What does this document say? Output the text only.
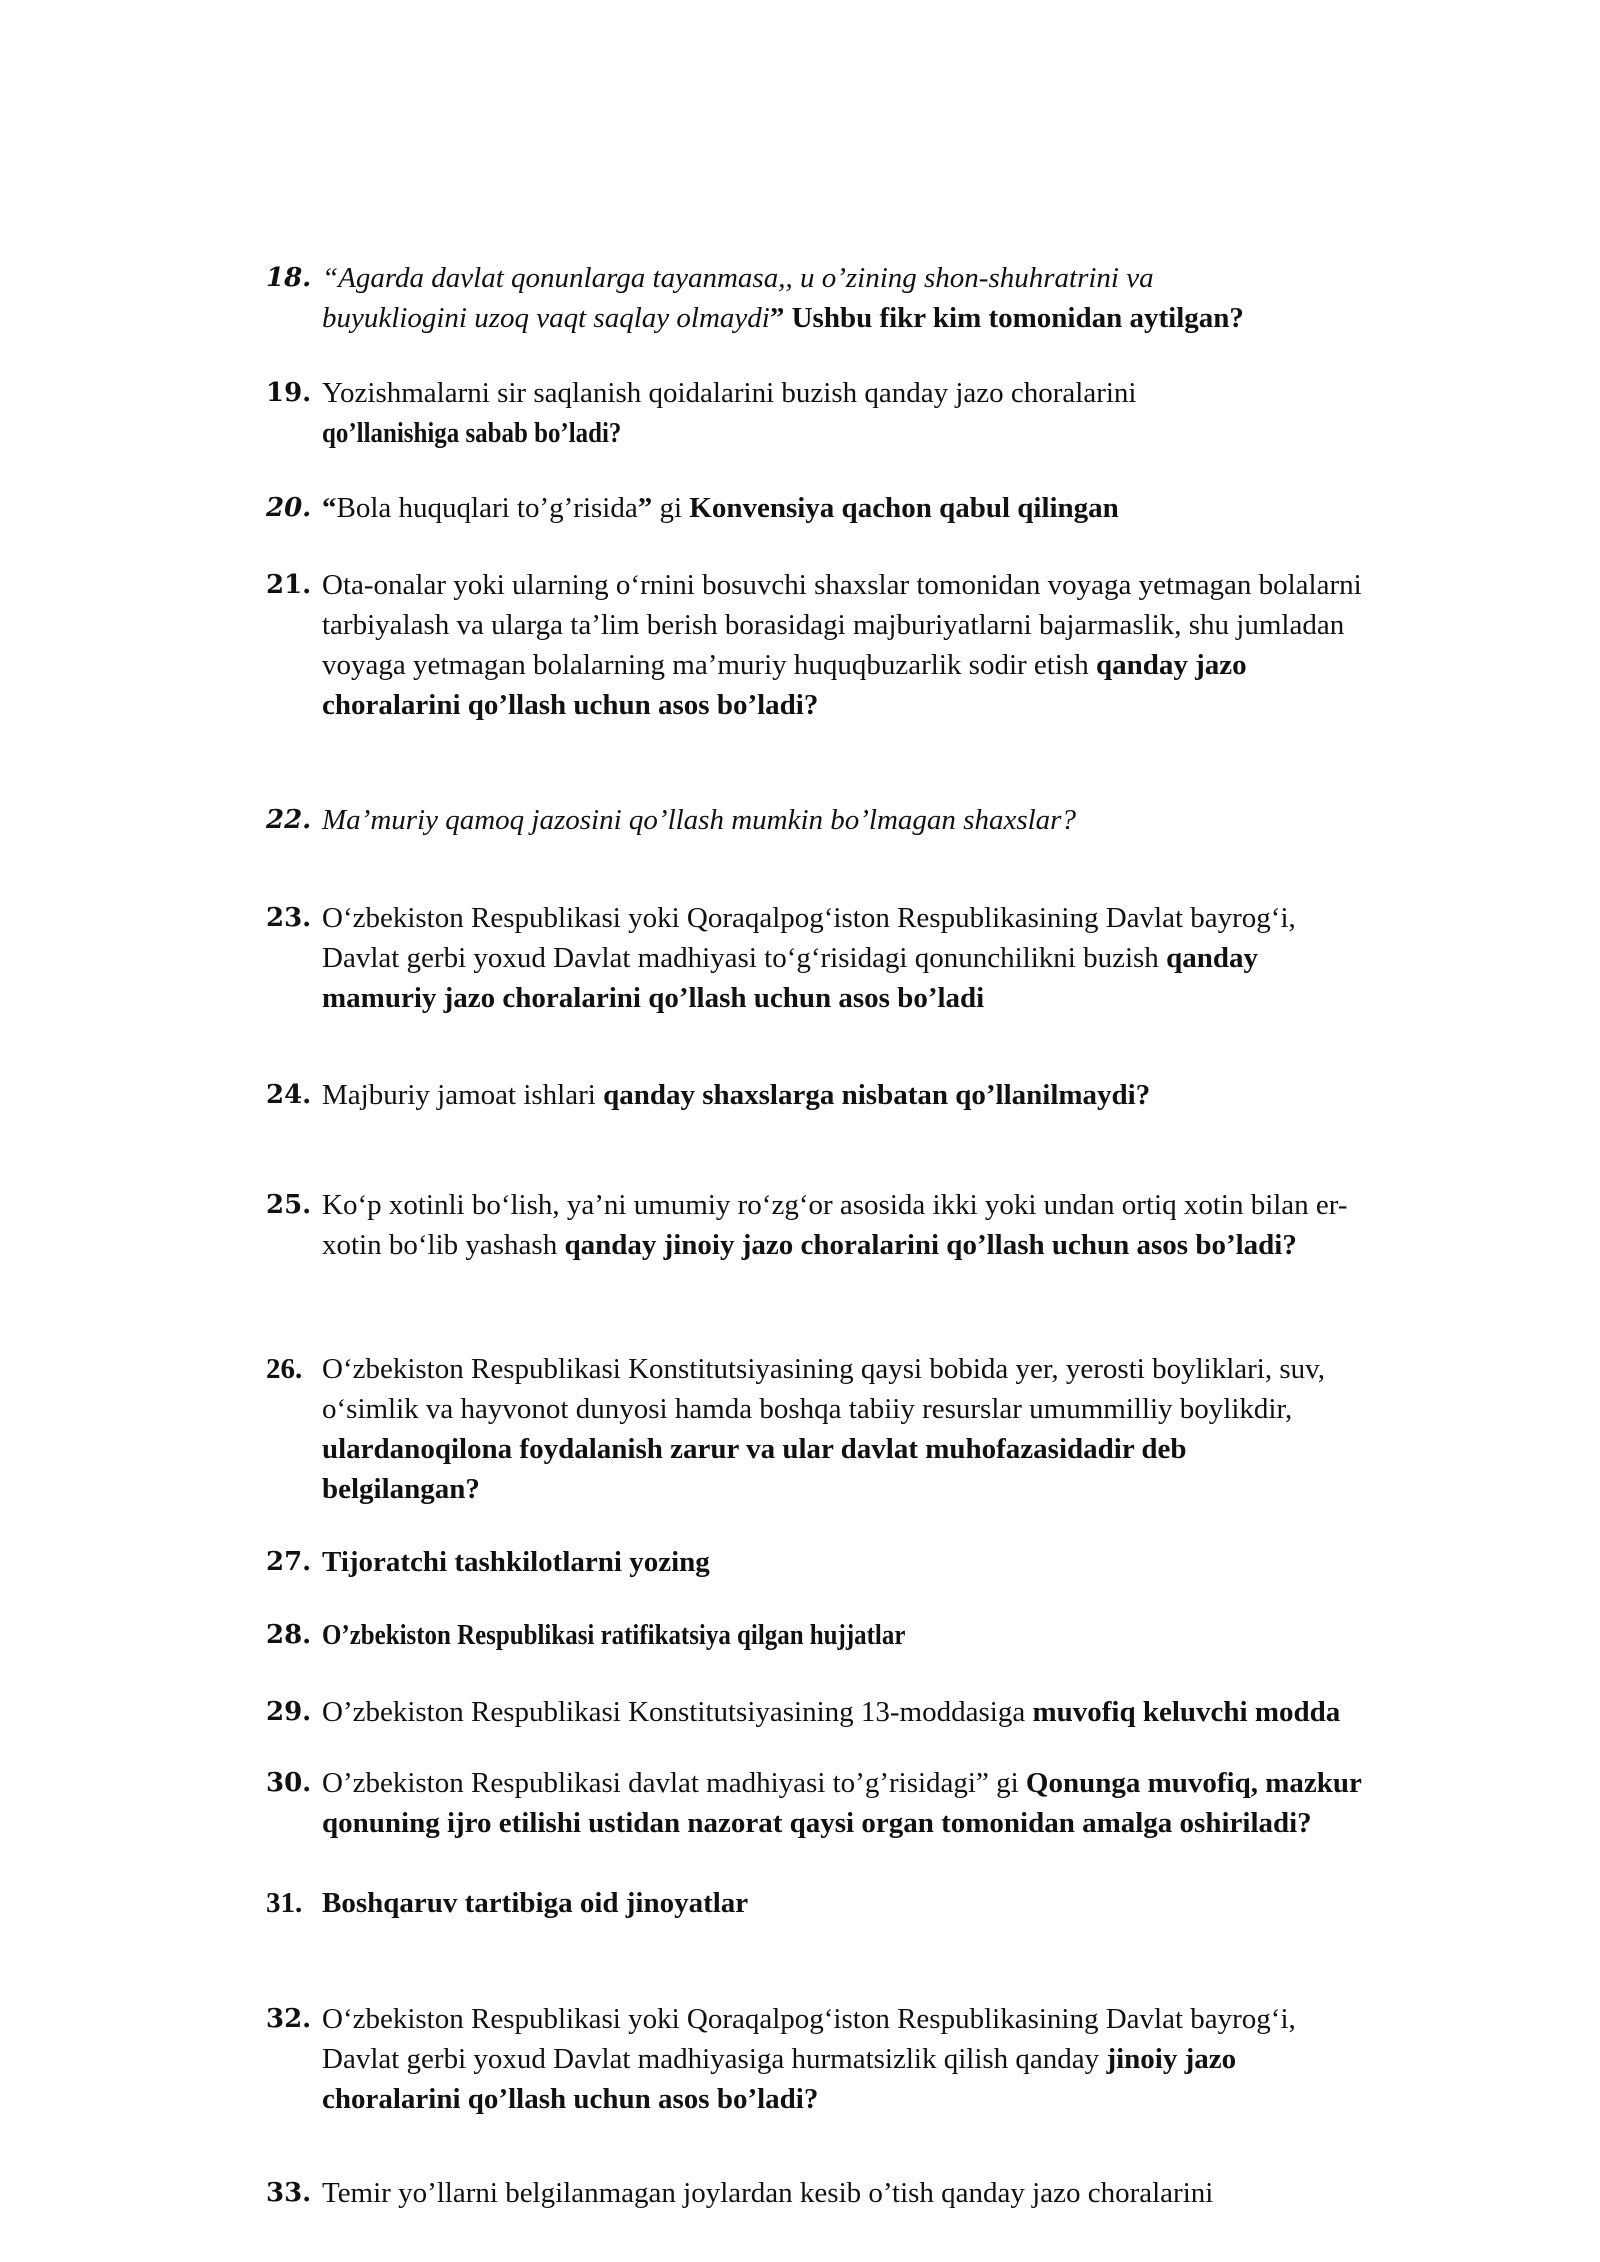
18. “Agarda davlat qonunlarga tayanmasa,, u o’zining shon-shuhratrini va
buyukliogini uzoq vaqt saqlay olmaydi” Ushbu fikr kim tomonidan aytilgan?
19. Yozishmalarni sir saqlanish qoidalarini buzish qanday jazo choralarini
qo’llanishiga sabab bo’ladi?
20. “Bola huquqlari to’g’risida” gi Konvensiya qachon qabul qilingan
21. Ota-onalar yoki ularning o‘rnini bosuvchi shaxslar tomonidan voyaga yetmagan bolalarni
tarbiyalash va ularga ta’lim berish borasidagi majburiyatlarni bajarmaslik, shu jumladan
voyaga yetmagan bolalarning ma’muriy huquqbuzarlik sodir etish qanday jazo
choralarini qo’llash uchun asos bo’ladi?
22. Ma’muriy qamoq jazosini qo’llash mumkin bo’lmagan shaxslar?
23. O‘zbekiston Respublikasi yoki Qoraqalpog‘iston Respublikasining Davlat bayrog‘i,
Davlat gerbi yoxud Davlat madhiyasi to‘g‘risidagi qonunchilikni buzish qanday
mamuriy jazo choralarini qo’llash uchun asos bo’ladi
24. Majburiy jamoat ishlari qanday shaxslarga nisbatan qo’llanilmaydi?
25. Ko‘p xotinli bo‘lish, ya’ni umumiy ro‘zg‘or asosida ikki yoki undan ortiq xotin bilan er-
xotin bo‘lib yashash qanday jinoiy jazo choralarini qo’llash uchun asos bo’ladi?
26. O‘zbekiston Respublikasi Konstitutsiyasining qaysi bobida yer, yerosti boyliklari, suv,
o‘simlik va hayvonot dunyosi hamda boshqa tabiiy resurslar umummilliy boylikdir,
ulardanoqilona foydalanish zarur va ular davlat muhofazasidadir deb
belgilangan?
27. Tijoratchi tashkilotlarni yozing
28. O’zbekiston Respublikasi ratifikatsiya qilgan hujjatlar
29. O’zbekiston Respublikasi Konstitutsiyasining 13-moddasiga muvofiq keluvchi modda
30. O’zbekiston Respublikasi davlat madhiyasi to’g’risidagi” gi Qonunga muvofiq, mazkur
qonuning ijro etilishi ustidan nazorat qaysi organ tomonidan amalga oshiriladi?
31. Boshqaruv tartibiga oid jinoyatlar
32. O‘zbekiston Respublikasi yoki Qoraqalpog‘iston Respublikasining Davlat bayrog‘i,
Davlat gerbi yoxud Davlat madhiyasiga hurmatsizlik qilish qanday jinoiy jazo
choralarini qo’llash uchun asos bo’ladi?
33. Temir yo’llarni belgilanmagan joylardan kesib o’tish qanday jazo choralarini
